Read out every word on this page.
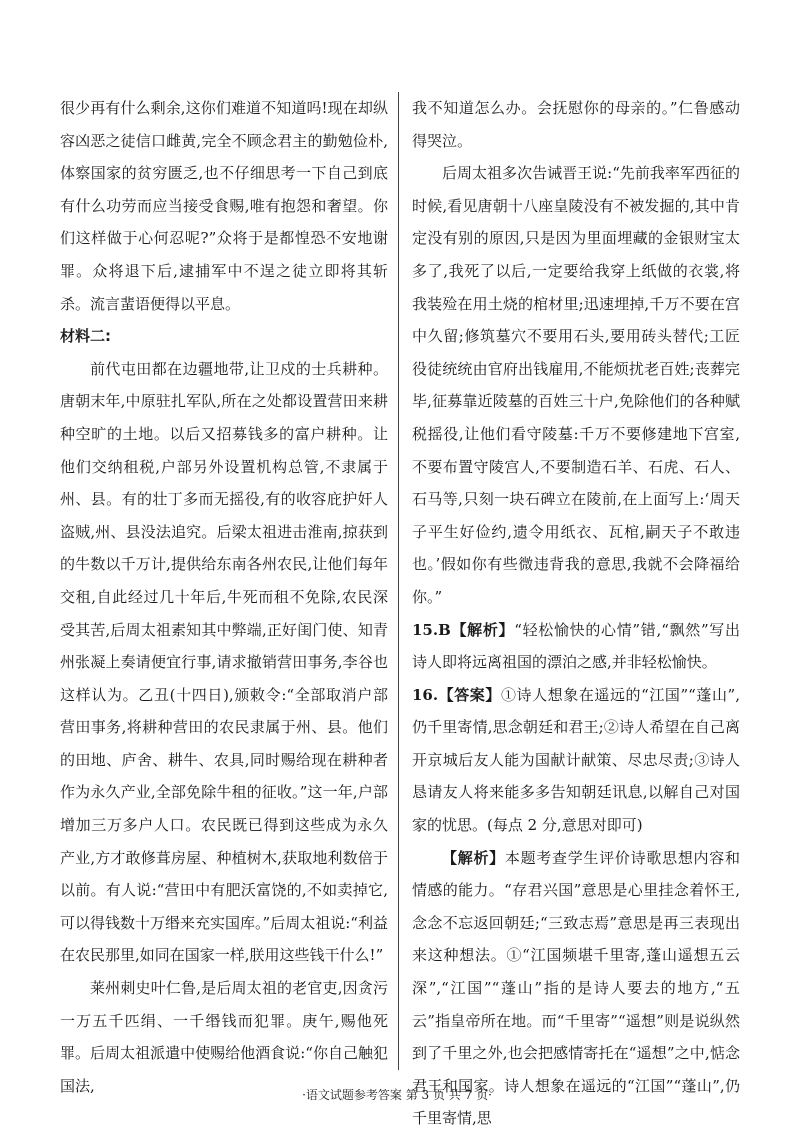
很少再有什么剩余,这你们难道不知道吗!现在却纵容凶恶之徒信口雌黄,完全不顾念君主的勤勉俭朴,体察国家的贫穷匮乏,也不仔细思考一下自己到底有什么功劳而应当接受食赐,唯有抱怨和奢望。你们这样做于心何忍呢?”众将于是都惶恐不安地谢罪。众将退下后,逮捕军中不逞之徒立即将其斩杀。流言蜚语便得以平息。

材料二:

前代屯田都在边疆地带,让卫戍的士兵耕种。唐朝末年,中原驻扎军队,所在之处都设置营田来耕种空旷的土地。以后又招募钱多的富户耕种。让他们交纳租税,户部另外设置机构总管,不隶属于州、县。有的壮丁多而无摇役,有的收容庇护奸人盗贼,州、县没法追究。后梁太祖进击淮南,掠获到的牛数以千万计,提供给东南各州农民,让他们每年交租,自此经过几十年后,牛死而租不免除,农民深受其苦,后周太祖素知其中弊端,正好闺门使、知青州张凝上奏请便宜行事,请求撤销营田事务,李谷也这样认为。乙丑(十四日),颁敕令:“全部取消户部营田事务,将耕种营田的农民隶属于州、县。他们的田地、庐舍、耕牛、农具,同时赐给现在耕种者作为永久产业,全部免除牛租的征收。”这一年,户部增加三万多户人口。农民既已得到这些成为永久产业,方才敢修葺房屋、种植树木,获取地利数倍于以前。有人说:“营田中有肥沃富饶的,不如卖掉它,可以得钱数十万缗来充实国库。”后周太祖说:“利益在农民那里,如同在国家一样,朕用这些钱干什么!”

莱州刺史叶仁鲁,是后周太祖的老官吏,因贪污一万五千匹绢、一千缗钱而犯罪。庚午,赐他死罪。后周太祖派遣中使赐给他酒食说:“你自己触犯国法,

我不知道怎么办。会抚慰你的母亲的。”仁鲁感动得哭泣。

后周太祖多次告诫晋王说:“先前我率军西征的时候,看见唐朝十八座皇陵没有不被发掘的,其中肯定没有别的原因,只是因为里面埋藏的金银财宝太多了,我死了以后,一定要给我穿上纸做的衣裳,将我装殓在用土烧的棺材里;迅速埋掉,千万不要在宫中久留;修筑墓穴不要用石头,要用砖头替代;工匠役徒统统由官府出钱雇用,不能烦扰老百姓;丧葬完毕,征募靠近陵墓的百姓三十户,免除他们的各种赋税摇役,让他们看守陵墓:千万不要修建地下宫室,不要布置守陵宫人,不要制造石羊、石虎、石人、石马等,只刻一块石碑立在陵前,在上面写上:‘周天子平生好俭约,遗令用纸衣、瓦棺,嗣天子不敢违也。’假如你有些微违背我的意思,我就不会降福给你。”

15.B【解析】“轻松愉快的心情”错,“飘然”写出诗人即将远离祖国的漂泊之感,并非轻松愉快。

16.【答案】①诗人想象在遥远的“江国”“蓬山”,仍千里寄情,思念朝廷和君王;②诗人希望在自己离开京城后友人能为国献计献策、尽忠尽责;③诗人恳请友人将来能多多告知朝廷讯息,以解自己对国家的忧思。(每点 2 分,意思对即可)

【解析】本题考查学生评价诗歌思想内容和情感的能力。“存君兴国”意思是心里挂念着怀王,念念不忘返回朝廷;“三致志焉”意思是再三表现出来这种想法。①“江国频堪千里寄,蓬山遥想五云深”,“江国”“蓬山”指的是诗人要去的地方,“五云”指皇帝所在地。而“千里寄”“遥想”则是说纵然到了千里之外,也会把感情寄托在“遥想”之中,惦念君王和国家。诗人想象在遥远的“江国”“蓬山”,仍千里寄情,思

·语文试题参考答案 第 3 页 共 7 页·
